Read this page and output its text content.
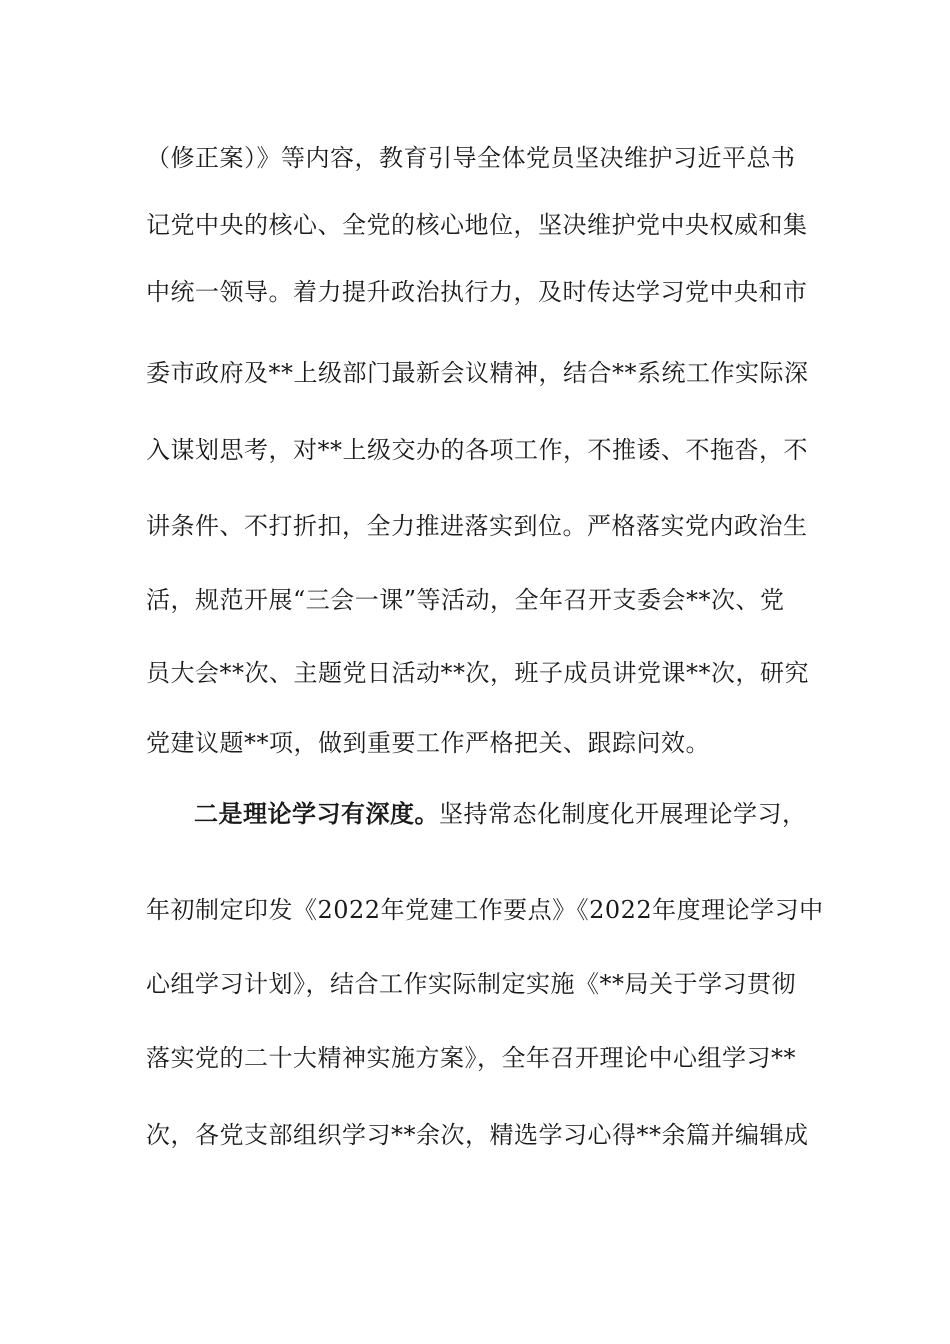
（修正案）》等内容，教育引导全体党员坚决维护习近平总书
记党中央的核心、全党的核心地位，坚决维护党中央权威和集
中统一领导。着力提升政治执行力，及时传达学习党中央和市
委市政府及**上级部门最新会议精神，结合**系统工作实际深
入谋划思考，对**上级交办的各项工作，不推诿、不拖沓，不
讲条件、不打折扣，全力推进落实到位。严格落实党内政治生
活，规范开展“三会一课”等活动，全年召开支委会**次、党
员大会**次、主题党日活动**次，班子成员讲党课**次，研究
党建议题**项，做到重要工作严格把关、跟踪问效。
二是理论学习有深度。坚持常态化制度化开展理论学习，
年初制定印发《2022年党建工作要点》《2022年度理论学习中
心组学习计划》，结合工作实际制定实施《**局关于学习贯彻
落实党的二十大精神实施方案》，全年召开理论中心组学习**
次，各党支部组织学习**余次，精选学习心得**余篇并编辑成
